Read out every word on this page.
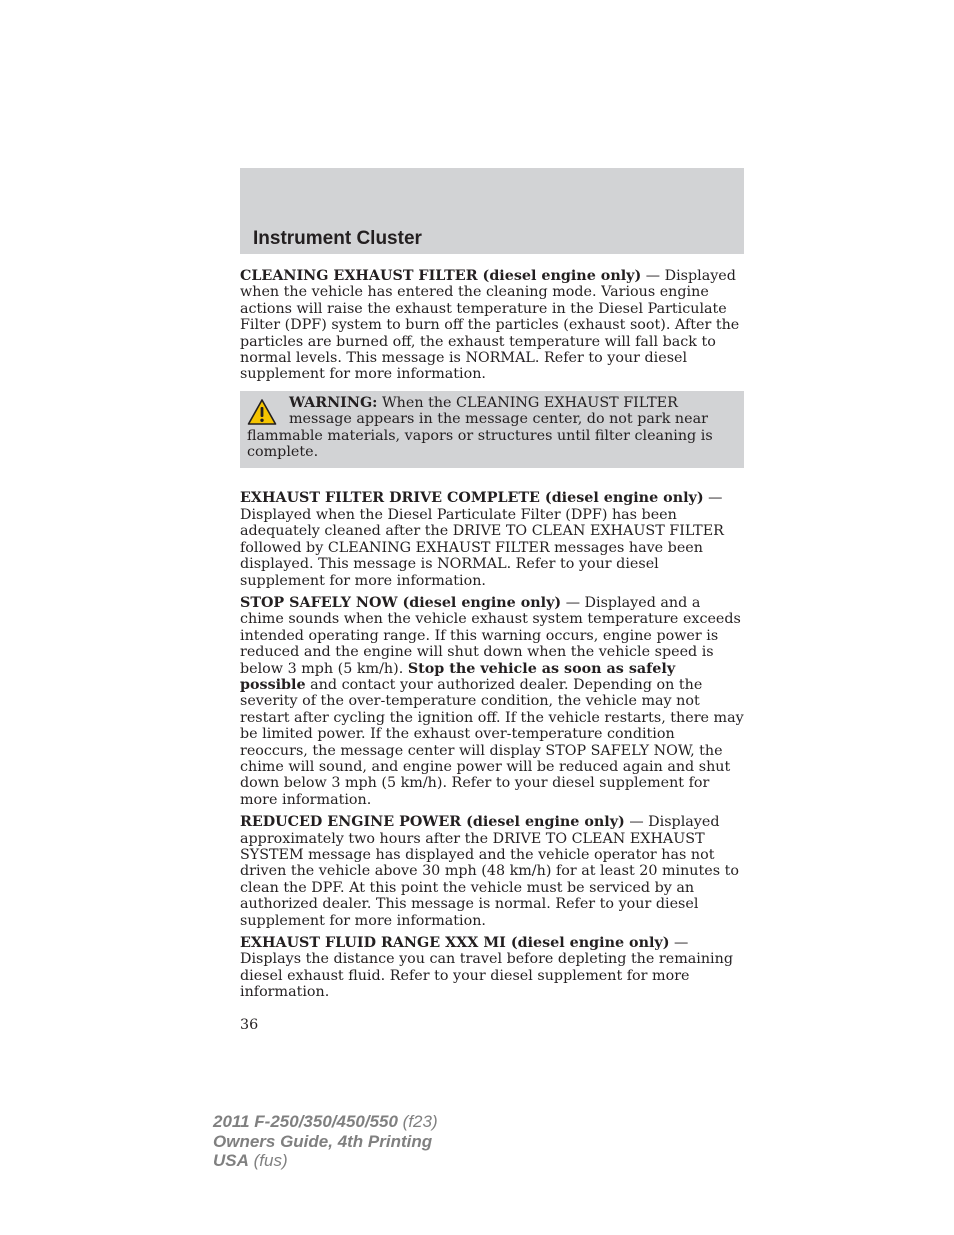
Instrument Cluster

CLEANING EXHAUST FILTER (diesel engine only) — Displayed when the vehicle has entered the cleaning mode. Various engine actions will raise the exhaust temperature in the Diesel Particulate Filter (DPF) system to burn off the particles (exhaust soot). After the particles are burned off, the exhaust temperature will fall back to normal levels. This message is NORMAL. Refer to your diesel supplement for more information.

WARNING: When the CLEANING EXHAUST FILTER message appears in the message center, do not park near flammable materials, vapors or structures until filter cleaning is complete.

EXHAUST FILTER DRIVE COMPLETE (diesel engine only) — Displayed when the Diesel Particulate Filter (DPF) has been adequately cleaned after the DRIVE TO CLEAN EXHAUST FILTER followed by CLEANING EXHAUST FILTER messages have been displayed. This message is NORMAL. Refer to your diesel supplement for more information.

STOP SAFELY NOW (diesel engine only) — Displayed and a chime sounds when the vehicle exhaust system temperature exceeds intended operating range. If this warning occurs, engine power is reduced and the engine will shut down when the vehicle speed is below 3 mph (5 km/h). Stop the vehicle as soon as safely possible and contact your authorized dealer. Depending on the severity of the over-temperature condition, the vehicle may not restart after cycling the ignition off. If the vehicle restarts, there may be limited power. If the exhaust over-temperature condition reoccurs, the message center will display STOP SAFELY NOW, the chime will sound, and engine power will be reduced again and shut down below 3 mph (5 km/h). Refer to your diesel supplement for more information.

REDUCED ENGINE POWER (diesel engine only) — Displayed approximately two hours after the DRIVE TO CLEAN EXHAUST SYSTEM message has displayed and the vehicle operator has not driven the vehicle above 30 mph (48 km/h) for at least 20 minutes to clean the DPF. At this point the vehicle must be serviced by an authorized dealer. This message is normal. Refer to your diesel supplement for more information.

EXHAUST FLUID RANGE XXX MI (diesel engine only) — Displays the distance you can travel before depleting the remaining diesel exhaust fluid. Refer to your diesel supplement for more information.

36

2011 F-250/350/450/550 (f23)
Owners Guide, 4th Printing
USA (fus)
